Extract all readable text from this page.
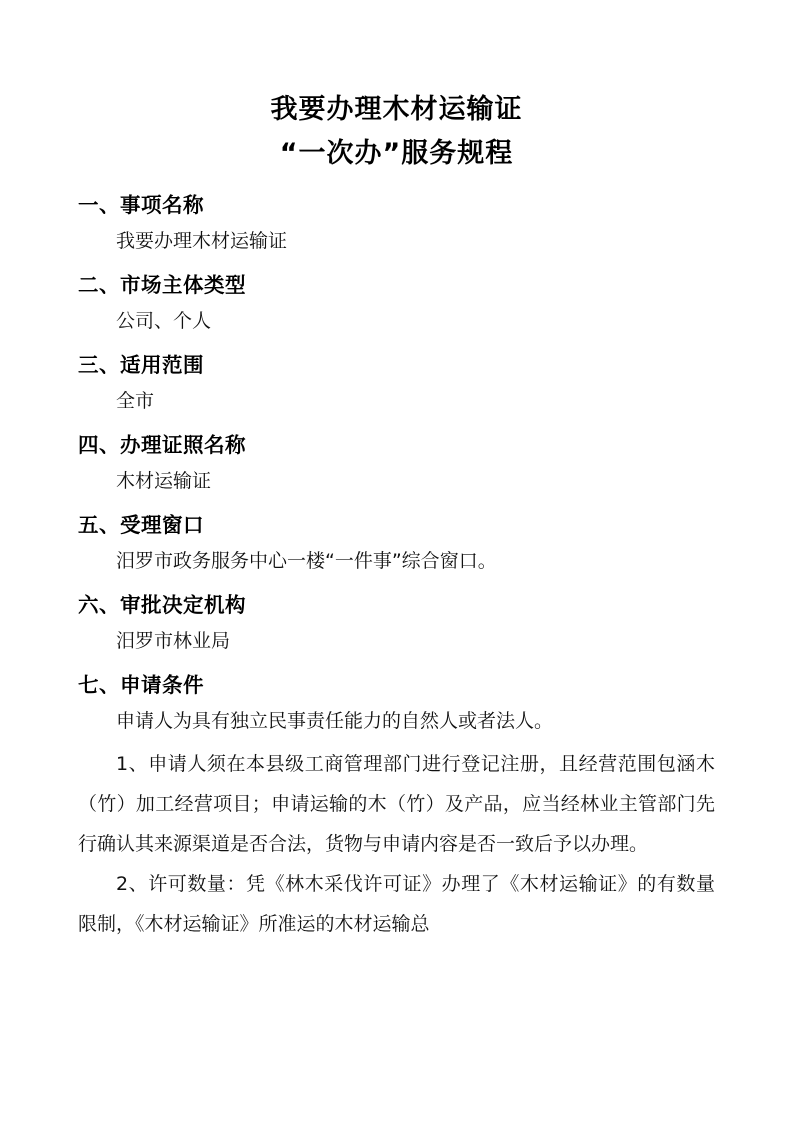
我要办理木材运输证
“一次办”服务规程
一、事项名称
我要办理木材运输证
二、市场主体类型
公司、个人
三、适用范围
全市
四、办理证照名称
木材运输证
五、受理窗口
汨罗市政务服务中心一楼“一件事”综合窗口。
六、审批决定机构
汨罗市林业局
七、申请条件
申请人为具有独立民事责任能力的自然人或者法人。

1、申请人须在本县级工商管理部门进行登记注册，且经营范围包涵木（竹）加工经营项目；申请运输的木（竹）及产品，应当经林业主管部门先行确认其来源渠道是否合法，货物与申请内容是否一致后予以办理。

2、许可数量：凭《林木采伐许可证》办理了《木材运输证》的有数量限制，《木材运输证》所准运的木材运输总
